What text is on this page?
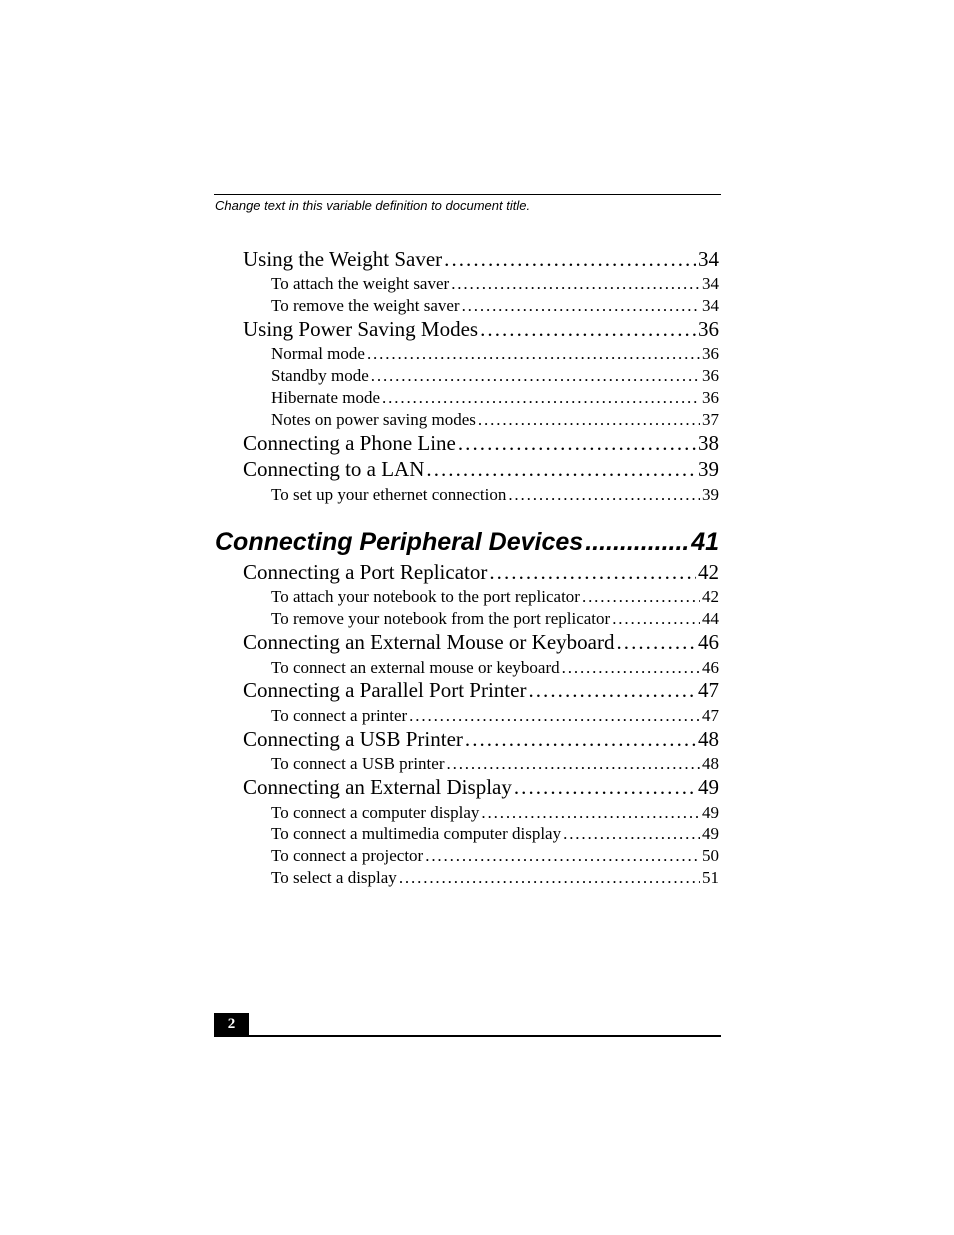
Change text in this variable definition to document title.
Using the Weight Saver . . .	34
To attach the weight saver . . .	34
To remove the weight saver . . .	34
Using Power Saving Modes . . .	36
Normal mode . . .	36
Standby mode . . .	36
Hibernate mode . . .	36
Notes on power saving modes . . .	37
Connecting a Phone Line . . .	38
Connecting to a LAN . . .	39
To set up your ethernet connection . . .	39
Connecting Peripheral Devices .....	41
Connecting a Port Replicator . . .	42
To attach your notebook to the port replicator . . .	42
To remove your notebook from the port replicator . . .	44
Connecting an External Mouse or Keyboard . . .	46
To connect an external mouse or keyboard . . .	46
Connecting a Parallel Port Printer . . .	47
To connect a printer . . .	47
Connecting a USB Printer . . .	48
To connect a USB printer . . .	48
Connecting an External Display . . .	49
To connect a computer display . . .	49
To connect a multimedia computer display . . .	49
To connect a projector . . .	50
To select a display . . .	51
2
